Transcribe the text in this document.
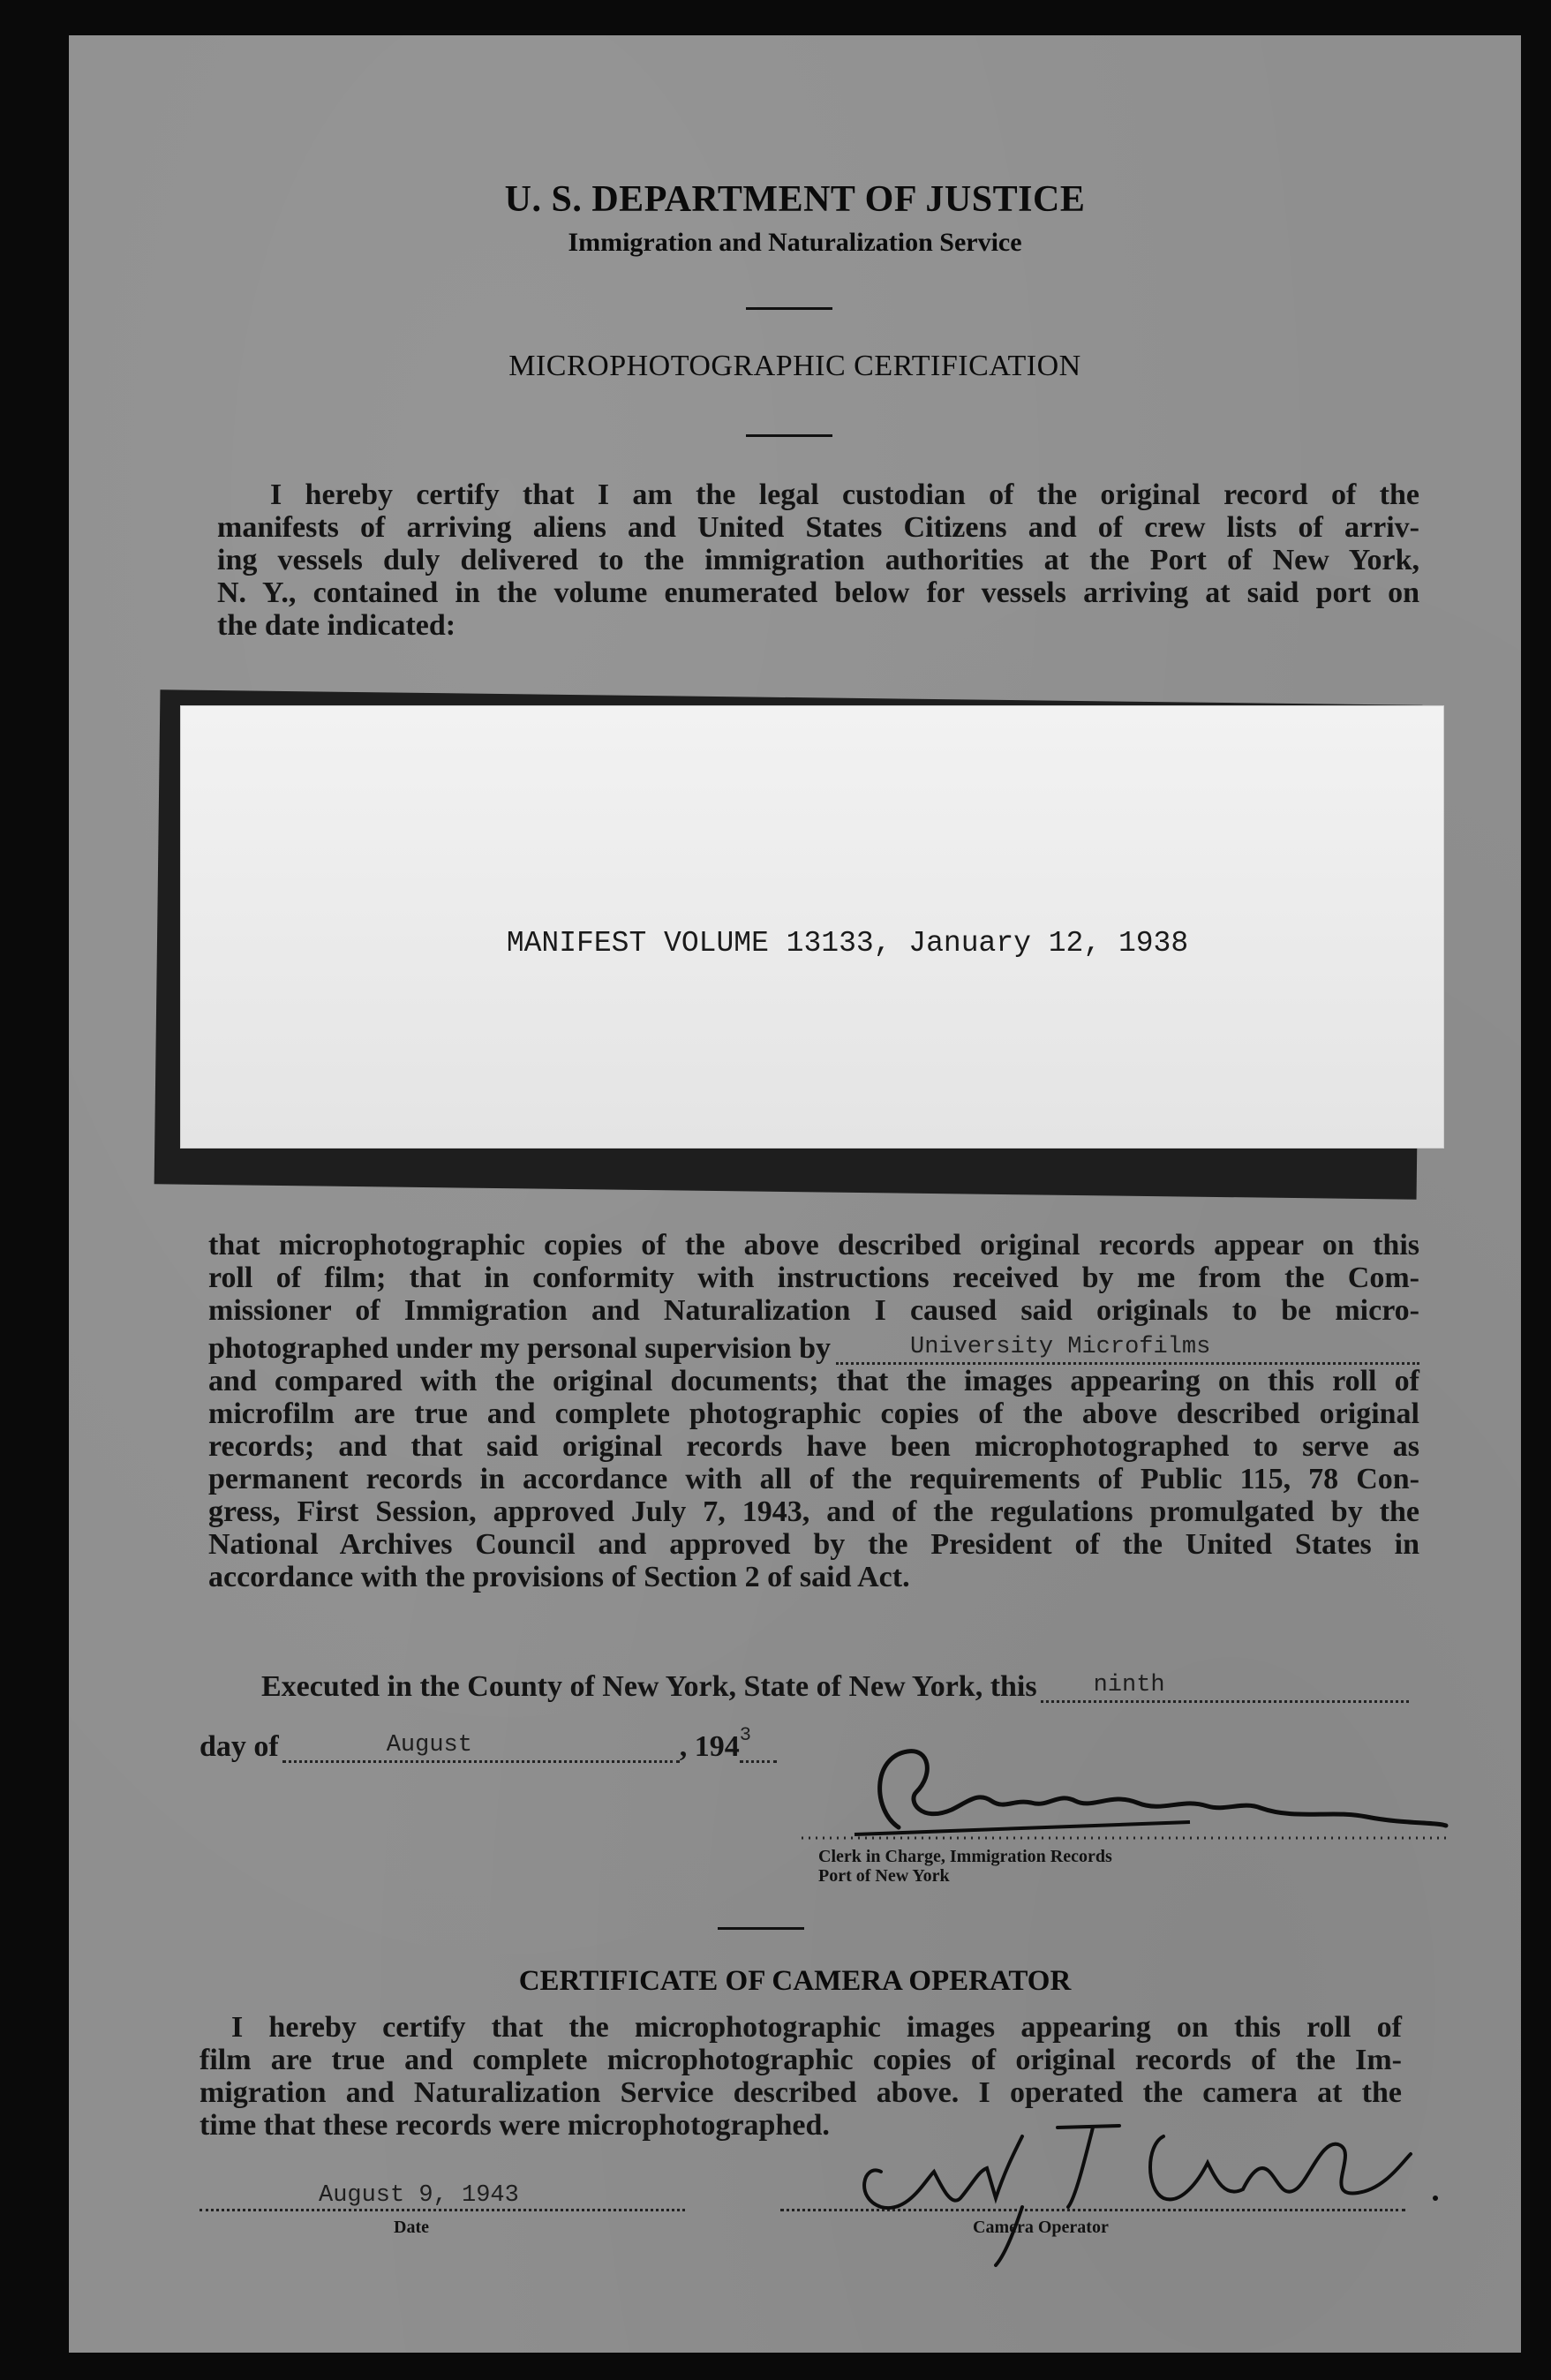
U. S. DEPARTMENT OF JUSTICE
Immigration and Naturalization Service
MICROPHOTOGRAPHIC CERTIFICATION
I hereby certify that I am the legal custodian of the original record of the
manifests of arriving aliens and United States Citizens and of crew lists of arriv-
ing vessels duly delivered to the immigration authorities at the Port of New York,
N. Y., contained in the volume enumerated below for vessels arriving at said port on
the date indicated:
MANIFEST VOLUME 13133, January 12, 1938
that microphotographic copies of the above described original records appear on this
roll of film; that in conformity with instructions received by me from the Com-
missioner of Immigration and Naturalization I caused said originals to be micro-
photographed under my personal supervision by	University Microfilms
and compared with the original documents; that the images appearing on this roll of
microfilm are true and complete photographic copies of the above described original
records; and that said original records have been microphotographed to serve as
permanent records in accordance with all of the requirements of Public 115, 78 Con-
gress, First Session, approved July 7, 1943, and of the regulations promulgated by the
National Archives Council and approved by the President of the United States in
accordance with the provisions of Section 2 of said Act.
Executed in the County of New York, State of New York, this ninth
day of	August	, 194 3
Clerk in Charge, Immigration Records
Port of New York
CERTIFICATE OF CAMERA OPERATOR
I hereby certify that the microphotographic images appearing on this roll of
film are true and complete microphotographic copies of original records of the Im-
migration and Naturalization Service described above. I operated the camera at the
time that these records were microphotographed.
August 9, 1943
Date	Camera Operator
